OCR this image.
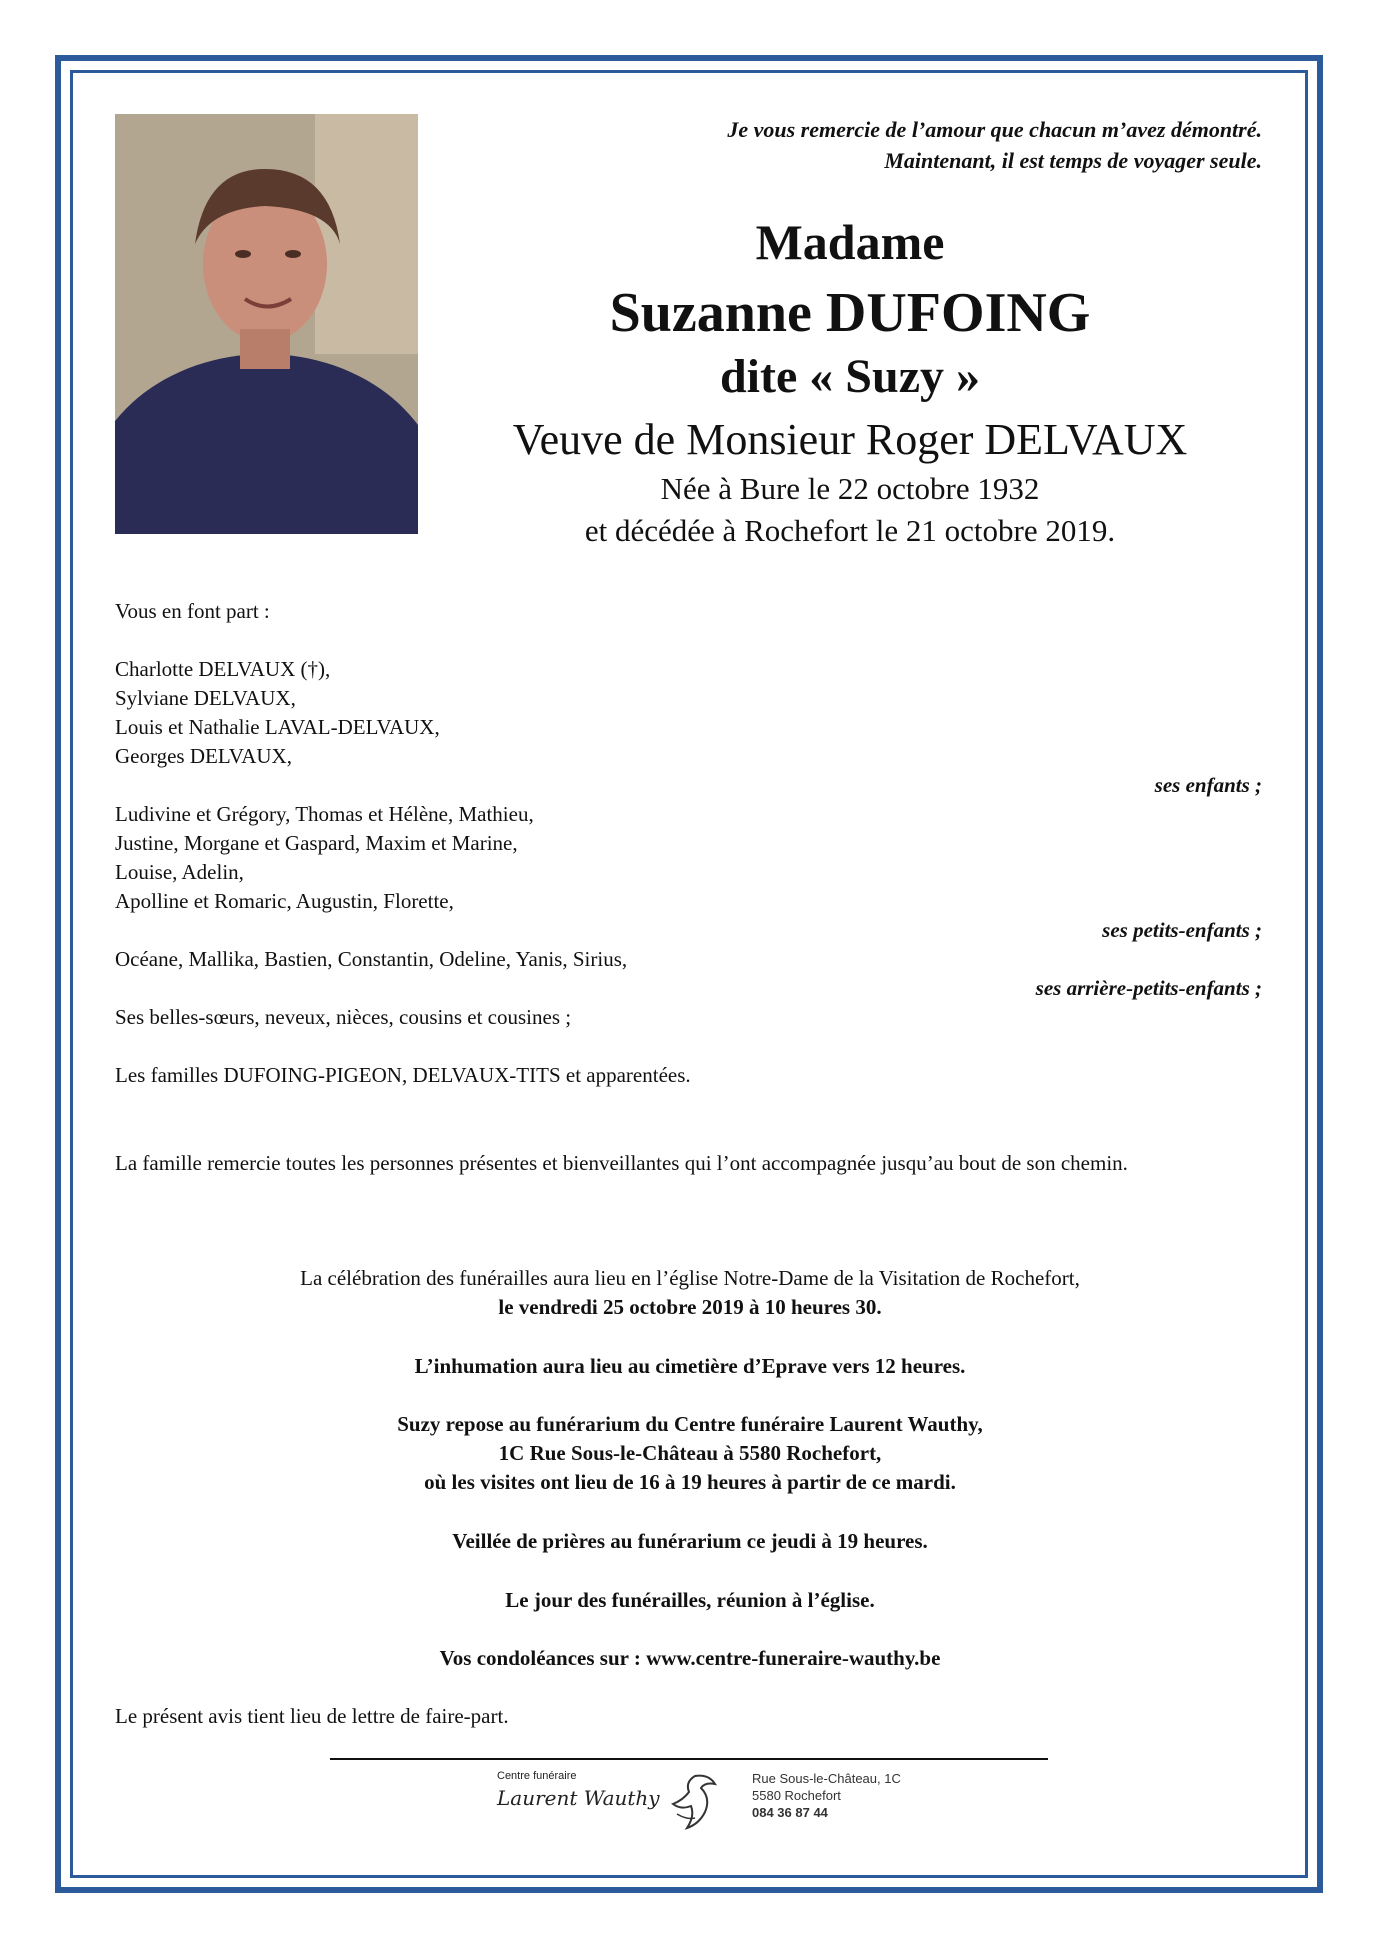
Je vous remercie de l’amour que chacun m’avez démontré.
Maintenant, il est temps de voyager seule.
Madame
Suzanne DUFOING
dite « Suzy »
Veuve de Monsieur Roger DELVAUX
Née à Bure le 22 octobre 1932
et décédée à Rochefort le 21 octobre 2019.
Vous en font part :
Charlotte DELVAUX (†),
Sylviane DELVAUX,
Louis et Nathalie LAVAL-DELVAUX,
Georges DELVAUX,
ses enfants ;
Ludivine et Grégory, Thomas et Hélène, Mathieu,
Justine, Morgane et Gaspard, Maxim et Marine,
Louise, Adelin,
Apolline et Romaric, Augustin, Florette,
ses petits-enfants ;
Océane, Mallika, Bastien, Constantin, Odeline, Yanis, Sirius,
ses arrière-petits-enfants ;
Ses belles-sœurs, neveux, nièces, cousins et cousines ;
Les familles DUFOING-PIGEON, DELVAUX-TITS et apparentées.
La famille remercie toutes les personnes présentes et bienveillantes qui l’ont accompagnée jusqu’au bout de son chemin.
La célébration des funérailles aura lieu en l’église Notre-Dame de la Visitation de Rochefort,
le vendredi 25 octobre 2019 à 10 heures 30.
L’inhumation aura lieu au cimetière d’Eprave vers 12 heures.
Suzy repose au funérarium du Centre funéraire Laurent Wauthy,
1C Rue Sous-le-Château à 5580 Rochefort,
où les visites ont lieu de 16 à 19 heures à partir de ce mardi.
Veillée de prières au funérarium ce jeudi à 19 heures.
Le jour des funérailles, réunion à l’église.
Vos condoléances sur : www.centre-funeraire-wauthy.be
Le présent avis tient lieu de lettre de faire-part.
Centre funéraire
Laurent Wauthy
Rue Sous-le-Château, 1C
5580 Rochefort
084 36 87 44
